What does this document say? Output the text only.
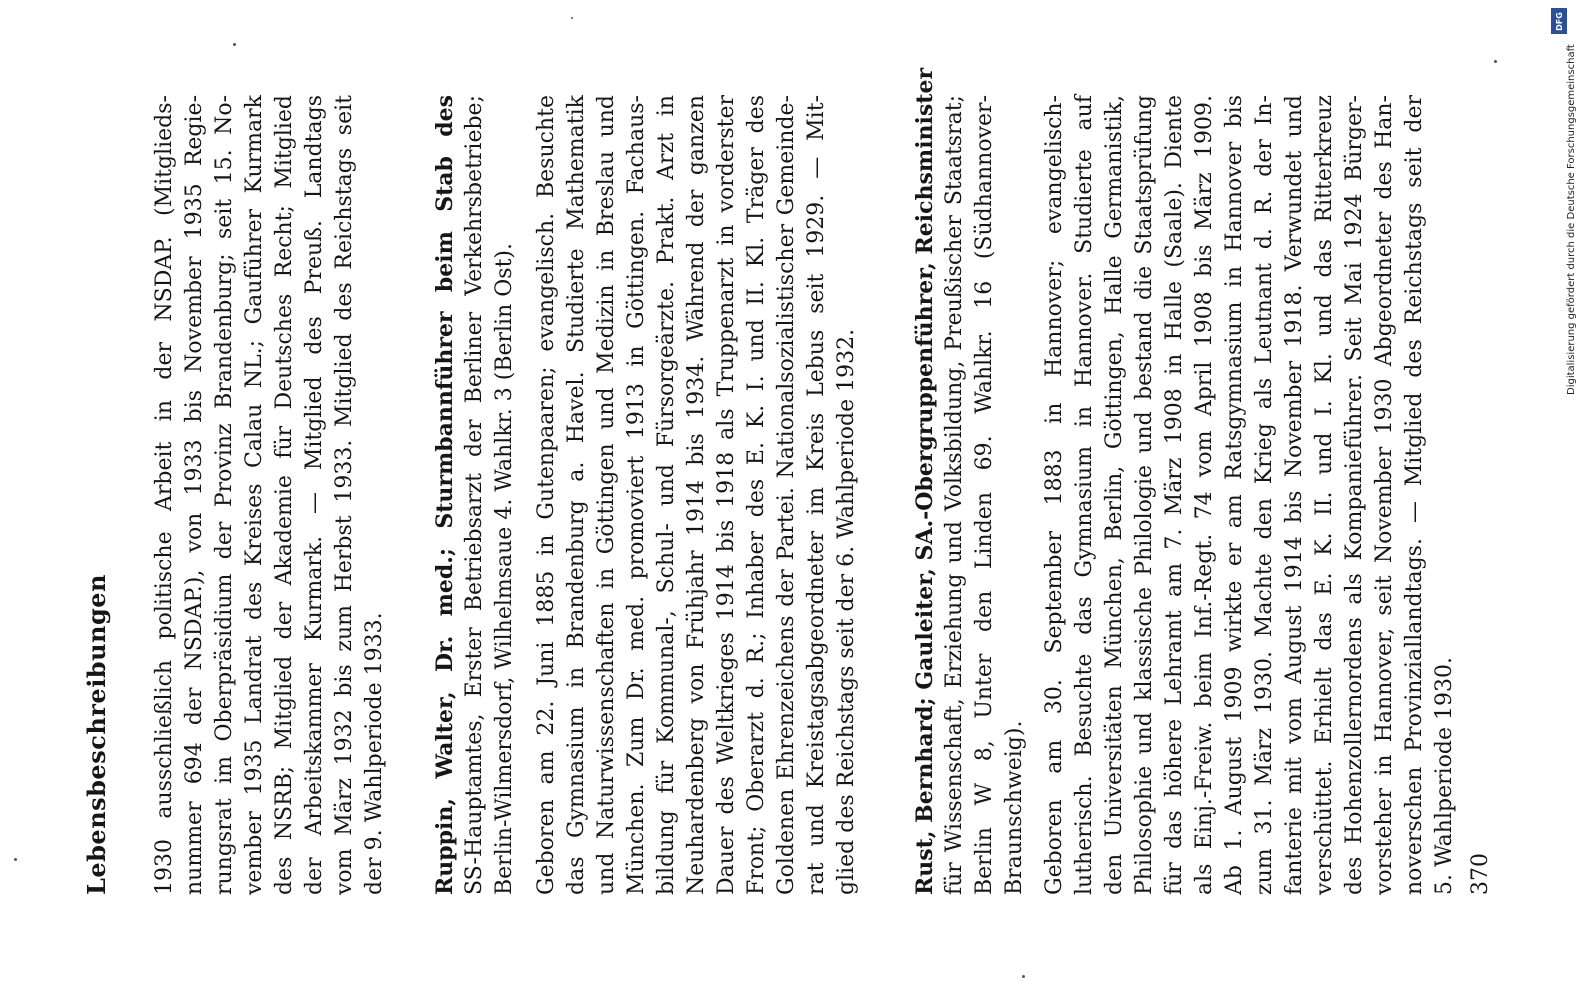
Lebensbeschreibungen 1930 ausschließlich politische Arbeit in der NSDAP. (Mitglieds- nummer 694 der NSDAP.), von 1933 bis November 1935 Regie- rungsrat im Oberpräsidium der Provinz Brandenburg; seit 15. No- vember 1935 Landrat des Kreises Calau NL.; Gauführer Kurmark des NSRB; Mitglied der Akademie für Deutsches Recht; Mitglied der Arbeitskammer Kurmark. — Mitglied des Preuß. Landtags vom März 1932 bis zum Herbst 1933. Mitglied des Reichstags seit der 9. Wahlperiode 1933. Ruppin, Walter, Dr. med.; Sturmbannführer beim Stab des SS-Hauptamtes, Erster Betriebsarzt der Berliner Verkehrsbetriebe; Berlin-Wilmersdorf, Wilhelmsaue 4. Wahlkr. 3 (Berlin Ost). Geboren am 22. Juni 1885 in Gutenpaaren; evangelisch. Besuchte das Gymnasium in Brandenburg a. Havel. Studierte Mathematik und Naturwissenschaften in Göttingen und Medizin in Breslau und München. Zum Dr. med. promoviert 1913 in Göttingen. Fachaus- bildung für Kommunal-, Schul- und Fürsorgeärzte. Prakt. Arzt in Neuhardenberg von Frühjahr 1914 bis 1934. Während der ganzen Dauer des Weltkrieges 1914 bis 1918 als Truppenarzt in vorderster Front; Oberarzt d. R.; Inhaber des E. K. I. und II. Kl. Träger des Goldenen Ehrenzeichens der Partei. Nationalsozialistischer Gemeinde- rat und Kreistagsabgeordneter im Kreis Lebus seit 1929. — Mit- glied des Reichstags seit der 6. Wahlperiode 1932. Rust, Bernhard; Gauleiter, SA.-Obergruppenführer, Reichsminister für Wissenschaft, Erziehung und Volksbildung, Preußischer Staatsrat; Berlin W 8, Unter den Linden 69. Wahlkr. 16 (Südhannover- Braunschweig). Geboren am 30. September 1883 in Hannover; evangelisch- lutherisch. Besuchte das Gymnasium in Hannover. Studierte auf den Universitäten München, Berlin, Göttingen, Halle Germanistik, Philosophie und klassische Philologie und bestand die Staatsprüfung für das höhere Lehramt am 7. März 1908 in Halle (Saale). Diente als Einj.-Freiw. beim Inf.-Regt. 74 vom April 1908 bis März 1909. Ab 1. August 1909 wirkte er am Ratsgymnasium in Hannover bis zum 31. März 1930. Machte den Krieg als Leutnant d. R. der In- fanterie mit vom August 1914 bis November 1918. Verwundet und verschüttet. Erhielt das E. K. II. und I. Kl. und das Ritterkreuz des Hohenzollernordens als Kompanieführer. Seit Mai 1924 Bürger- vorsteher in Hannover, seit November 1930 Abgeordneter des Han- noverschen Provinziallandtags. — Mitglied des Reichstags seit der 5. Wahlperiode 1930. 370
DFG
Digitalisierung gefördert durch die Deutsche Forschungsgemeinschaft
